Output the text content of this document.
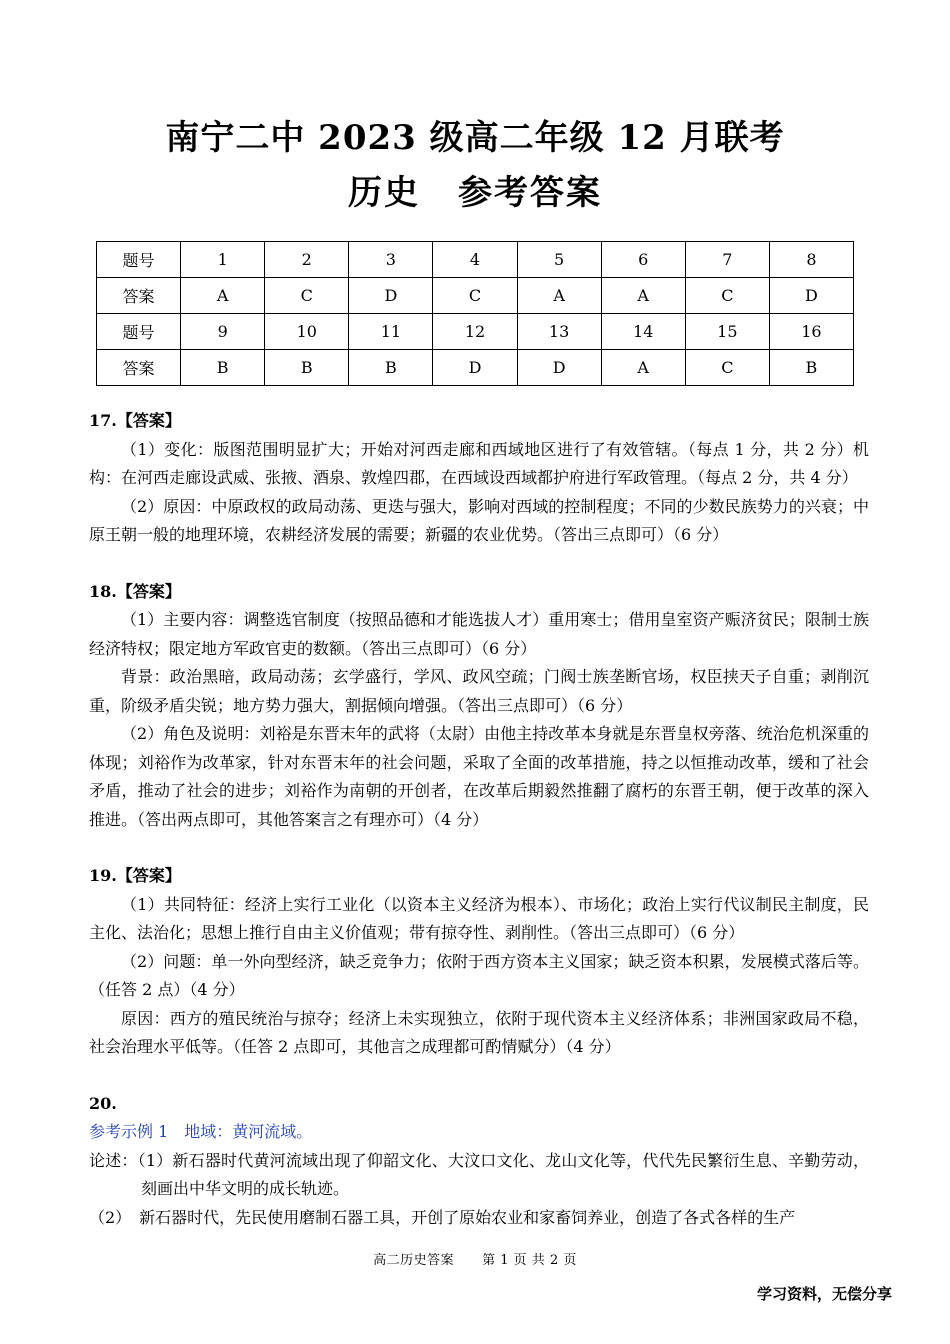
南宁二中 2023 级高二年级 12 月联考
历史 参考答案
题号	1	2	3	4	5	6	7	8
答案	A	C	D	C	A	A	C	D
题号	9	10	11	12	13	14	15	16
答案	B	B	B	D	D	A	C	B

17.【答案】

（1）变化：版图范围明显扩大；开始对河西走廊和西域地区进行了有效管辖。（每点 1 分，共 2 分）机构：在河西走廊设武威、张掖、酒泉、敦煌四郡，在西域设西域都护府进行军政管理。（每点 2 分，共 4 分）

（2）原因：中原政权的政局动荡、更迭与强大，影响对西域的控制程度；不同的少数民族势力的兴衰；中原王朝一般的地理环境，农耕经济发展的需要；新疆的农业优势。（答出三点即可）（6 分）

18.【答案】

（1）主要内容：调整选官制度（按照品德和才能选拔人才）重用寒士；借用皇室资产赈济贫民；限制士族经济特权；限定地方军政官吏的数额。（答出三点即可）（6 分）

背景：政治黑暗，政局动荡；玄学盛行，学风、政风空疏；门阀士族垄断官场，权臣挟天子自重；剥削沉重，阶级矛盾尖锐；地方势力强大，割据倾向增强。（答出三点即可）（6 分）

（2）角色及说明：刘裕是东晋末年的武将（太尉）由他主持改革本身就是东晋皇权旁落、统治危机深重的体现；刘裕作为改革家，针对东晋末年的社会问题，采取了全面的改革措施，持之以恒推动改革，缓和了社会矛盾，推动了社会的进步；刘裕作为南朝的开创者，在改革后期毅然推翻了腐朽的东晋王朝，便于改革的深入推进。（答出两点即可，其他答案言之有理亦可）（4 分）

19.【答案】

（1）共同特征：经济上实行工业化（以资本主义经济为根本）、市场化；政治上实行代议制民主制度，民主化、法治化；思想上推行自由主义价值观；带有掠夺性、剥削性。（答出三点即可）（6 分）

（2）问题：单一外向型经济，缺乏竞争力；依附于西方资本主义国家；缺乏资本积累，发展模式落后等。（任答 2 点）（4 分）

原因：西方的殖民统治与掠夺；经济上未实现独立，依附于现代资本主义经济体系；非洲国家政局不稳，社会治理水平低等。（任答 2 点即可，其他言之成理都可酌情赋分）（4 分）

20.

参考示例 1　地域：黄河流域。

论述：（1）新石器时代黄河流域出现了仰韶文化、大汶口文化、龙山文化等，代代先民繁衍生息、辛勤劳动，刻画出中华文明的成长轨迹。

（2）　新石器时代，先民使用磨制石器工具，开创了原始农业和家畜饲养业，创造了各式各样的生产

高二历史答案 第 1 页 共 2 页
学习资料，无偿分享
